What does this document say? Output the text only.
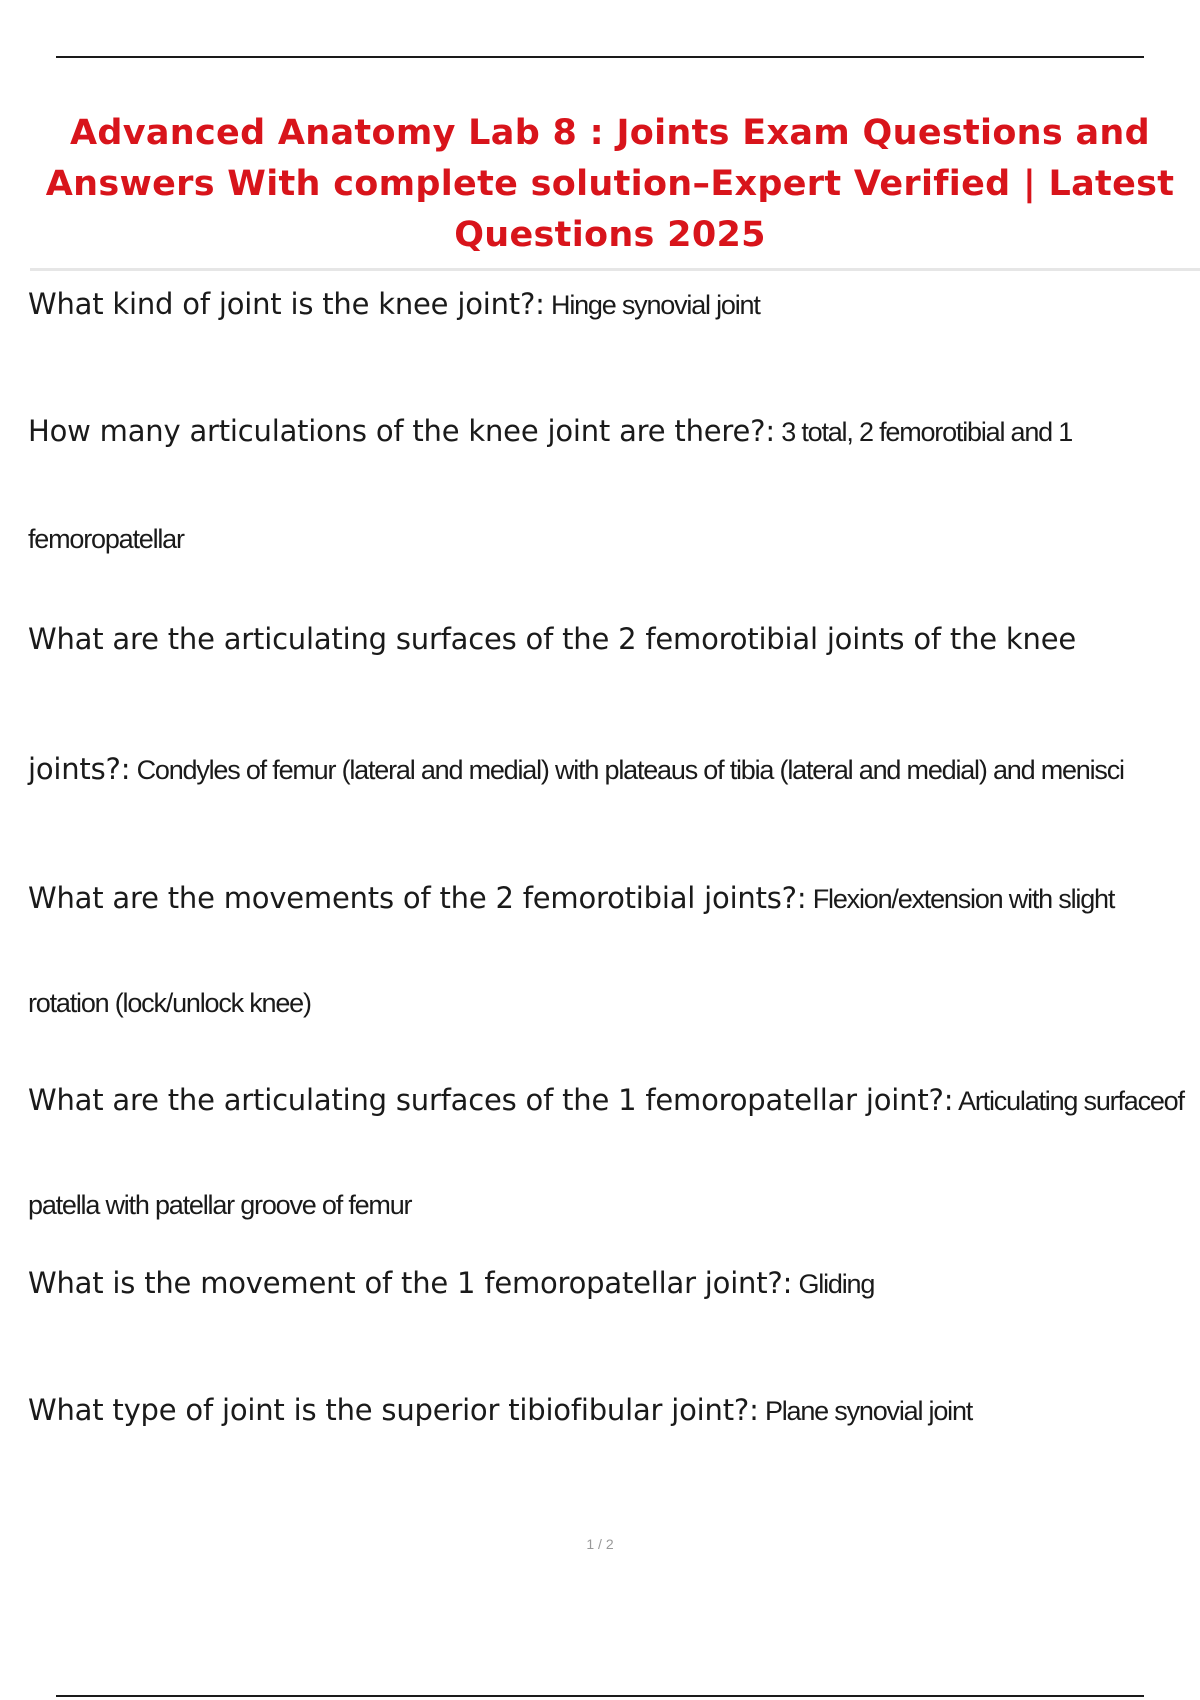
Advanced Anatomy Lab 8 : Joints Exam Questions and
Answers With complete solution–Expert Verified | Latest
Questions 2025
What kind of joint is the knee joint?: Hinge synovial joint
How many articulations of the knee joint are there?: 3 total, 2 femorotibial and 1
femoropatellar
What are the articulating surfaces of the 2 femorotibial joints of the knee
joints?: Condyles of femur (lateral and medial) with plateaus of tibia (lateral and medial) and menisci
What are the movements of the 2 femorotibial joints?: Flexion/extension with slight
rotation (lock/unlock knee)
What are the articulating surfaces of the 1 femoropatellar joint?: Articulating surfaceof
patella with patellar groove of femur
What is the movement of the 1 femoropatellar joint?: Gliding
What type of joint is the superior tibiofibular joint?: Plane synovial joint
1 / 2
